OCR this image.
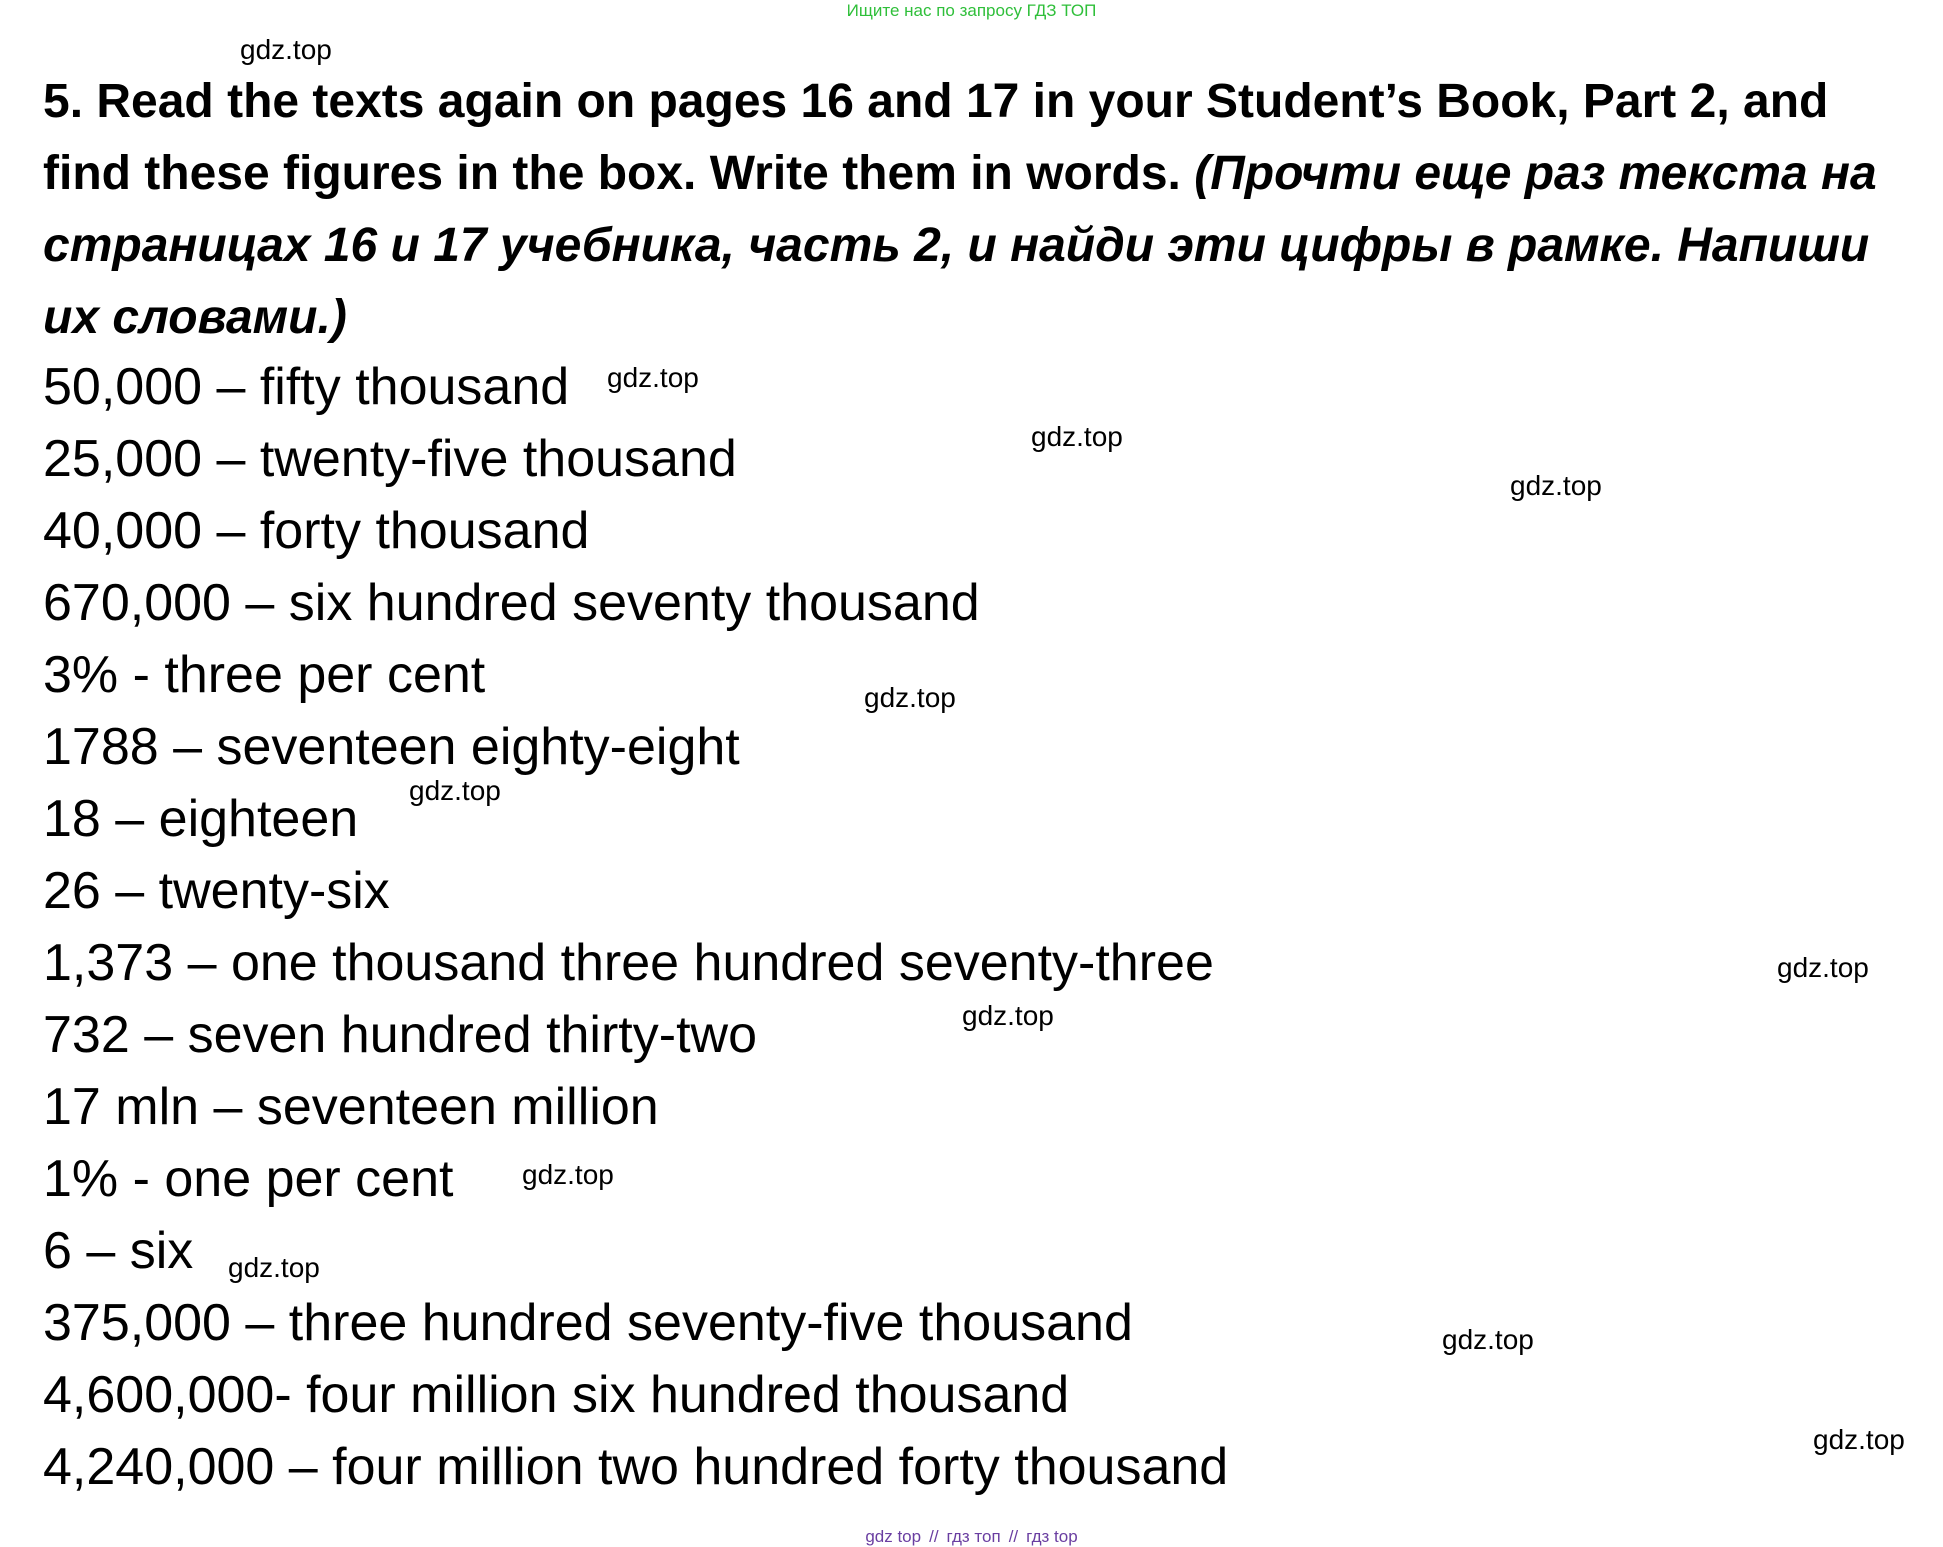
Ищите нас по запросу ГДЗ ТОП
5. Read the texts again on pages 16 and 17 in your Student’s Book, Part 2, and find these figures in the box. Write them in words. (Прочти еще раз текста на страницах 16 и 17 учебника, часть 2, и найди эти цифры в рамке. Напиши их словами.)
50,000 – fifty thousand
25,000 – twenty-five thousand
40,000 – forty thousand
670,000 – six hundred seventy thousand
3% - three per cent
1788 – seventeen eighty-eight
18 – eighteen
26 – twenty-six
1,373 – one thousand three hundred seventy-three
732 – seven hundred thirty-two
17 mln – seventeen million
1% - one per cent
6 – six
375,000 – three hundred seventy-five thousand
4,600,000- four million six hundred thousand
4,240,000 – four million two hundred forty thousand
gdz.top
gdz.top
gdz.top
gdz.top
gdz.top
gdz.top
gdz.top
gdz.top
gdz.top
gdz.top
gdz.top
gdz.top
gdz top // гдз топ // гдз top
